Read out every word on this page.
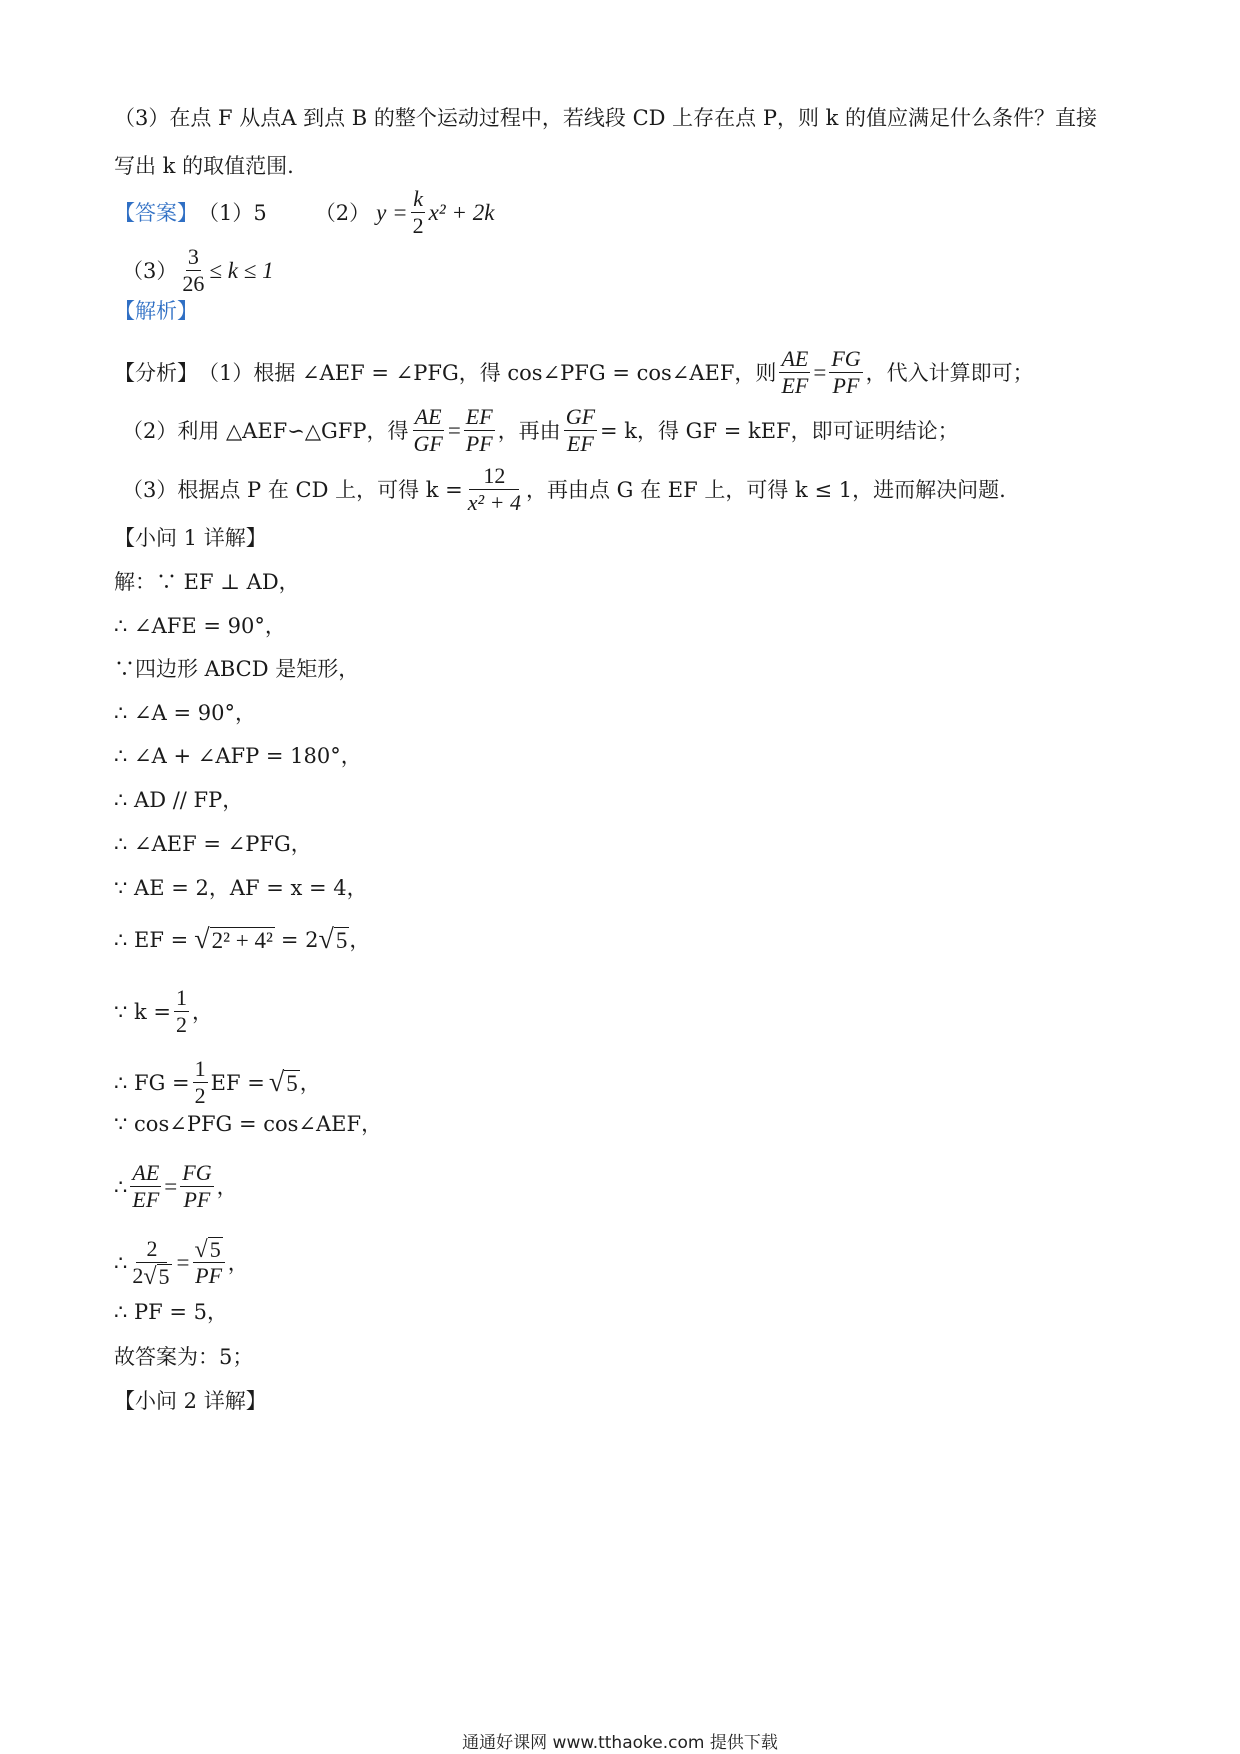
（3）在点 F 从点A 到点 B 的整个运动过程中，若线段 CD 上存在点 P，则 k 的值应满足什么条件？直接
写出 k 的取值范围.
【答案】 （1）5 （2） $y = \frac{k}{2} x^2 + 2k$
$(3) \frac{3}{26} \le k \le 1$
【解析】
【分析】 （1）根据 ∠AEF = ∠PFG，得 cos∠PFG = cos∠AEF，则 $\frac{AE}{EF} = \frac{FG}{PF}$ ，代入计算即可；
（2）利用 △AEF∽△GFP，得 $\frac{AE}{GF} = \frac{EF}{PF}$ ，再由 $\frac{GF}{EF} = k$，得 GF = kEF，即可证明结论；
（3）根据点 P 在 CD 上，可得 $k = \frac{12}{\text{x² + 4}}$ ，再由点 G 在 EF 上，可得 k ≤ 1，进而解决问题.
【小问 1 详解】
解：∵ EF ⊥ AD，
∴ ∠AFE = 90°，
∵四边形 ABCD 是矩形，
∴ ∠A = 90°，
∴ ∠A + ∠AFP = 180°，
∴ AD // FP，
∴ ∠AEF = ∠PFG，
∵ AE = 2，AF = x = 4，
∴ EF = √ 2² + 4² = 2 √ 5 ，
∵ $k = \frac{1}{2}$ ，
∴ FG = $\frac{1}{2}$ EF = √ 5 ，
∵ cos∠PFG = cos∠AEF，
∴ $\frac{AE}{EF} = \frac{FG}{PF}$ ，
∴ $\frac{2}{2 √ 5} = \frac{√ 5}{PF}$ ，
∴ PF = 5，
故答案为：5；
【小问 2 详解】
通通好课网 www.tthaoke.com 提供下载
